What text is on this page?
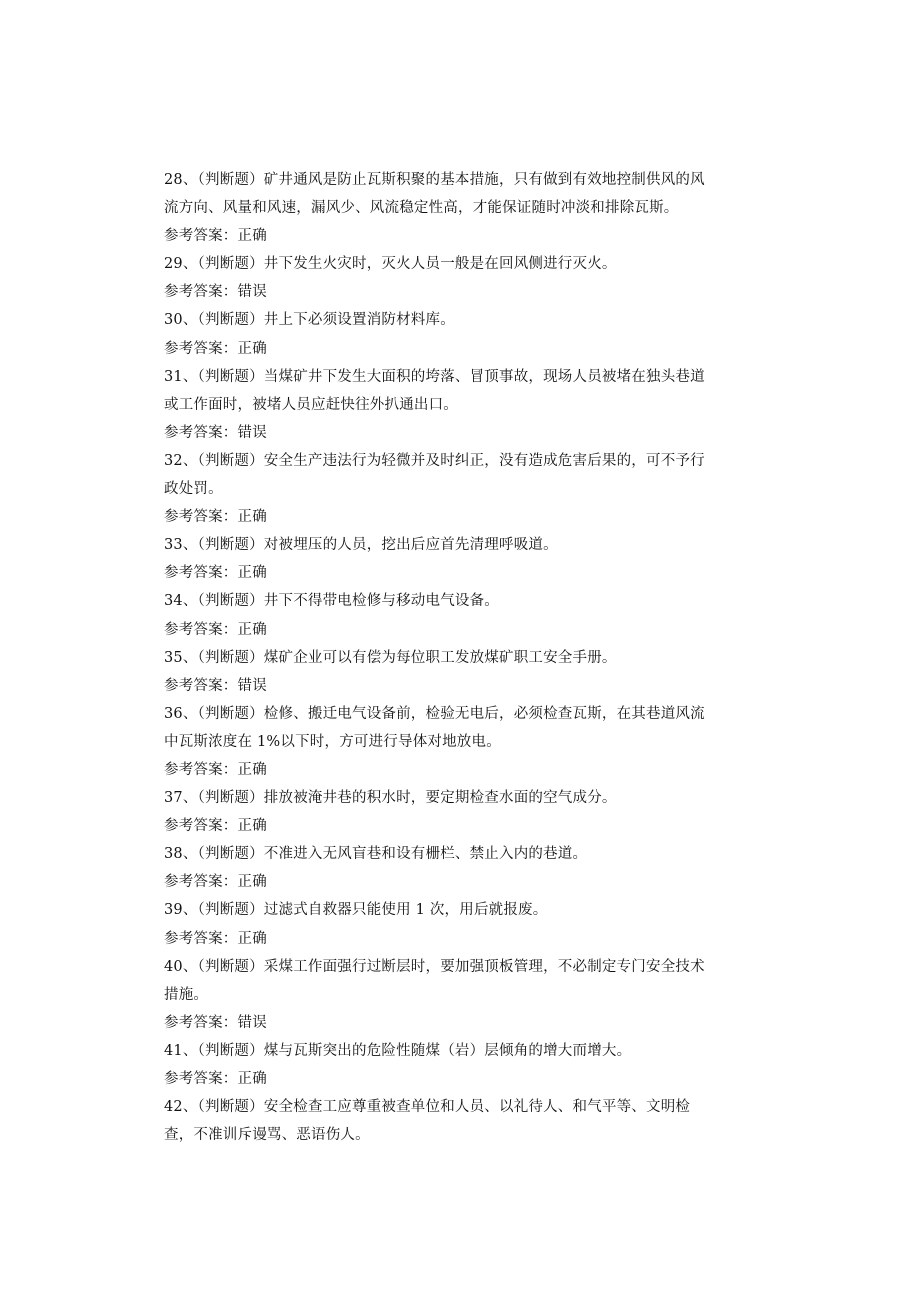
28、（判断题）矿井通风是防止瓦斯积聚的基本措施，只有做到有效地控制供风的风
流方向、风量和风速，漏风少、风流稳定性高，才能保证随时冲淡和排除瓦斯。
参考答案：正确
29、（判断题）井下发生火灾时，灭火人员一般是在回风侧进行灭火。
参考答案：错误
30、（判断题）井上下必须设置消防材料库。
参考答案：正确
31、（判断题）当煤矿井下发生大面积的垮落、冒顶事故，现场人员被堵在独头巷道
或工作面时，被堵人员应赶快往外扒通出口。
参考答案：错误
32、（判断题）安全生产违法行为轻微并及时纠正，没有造成危害后果的，可不予行
政处罚。
参考答案：正确
33、（判断题）对被埋压的人员，挖出后应首先清理呼吸道。
参考答案：正确
34、（判断题）井下不得带电检修与移动电气设备。
参考答案：正确
35、（判断题）煤矿企业可以有偿为每位职工发放煤矿职工安全手册。
参考答案：错误
36、（判断题）检修、搬迁电气设备前，检验无电后，必须检查瓦斯，在其巷道风流
中瓦斯浓度在 1%以下时，方可进行导体对地放电。
参考答案：正确
37、（判断题）排放被淹井巷的积水时，要定期检查水面的空气成分。
参考答案：正确
38、（判断题）不准进入无风盲巷和设有栅栏、禁止入内的巷道。
参考答案：正确
39、（判断题）过滤式自救器只能使用 1 次，用后就报废。
参考答案：正确
40、（判断题）采煤工作面强行过断层时，要加强顶板管理，不必制定专门安全技术
措施。
参考答案：错误
41、（判断题）煤与瓦斯突出的危险性随煤（岩）层倾角的增大而增大。
参考答案：正确
42、（判断题）安全检查工应尊重被查单位和人员、以礼待人、和气平等、文明检
查，不准训斥谩骂、恶语伤人。
